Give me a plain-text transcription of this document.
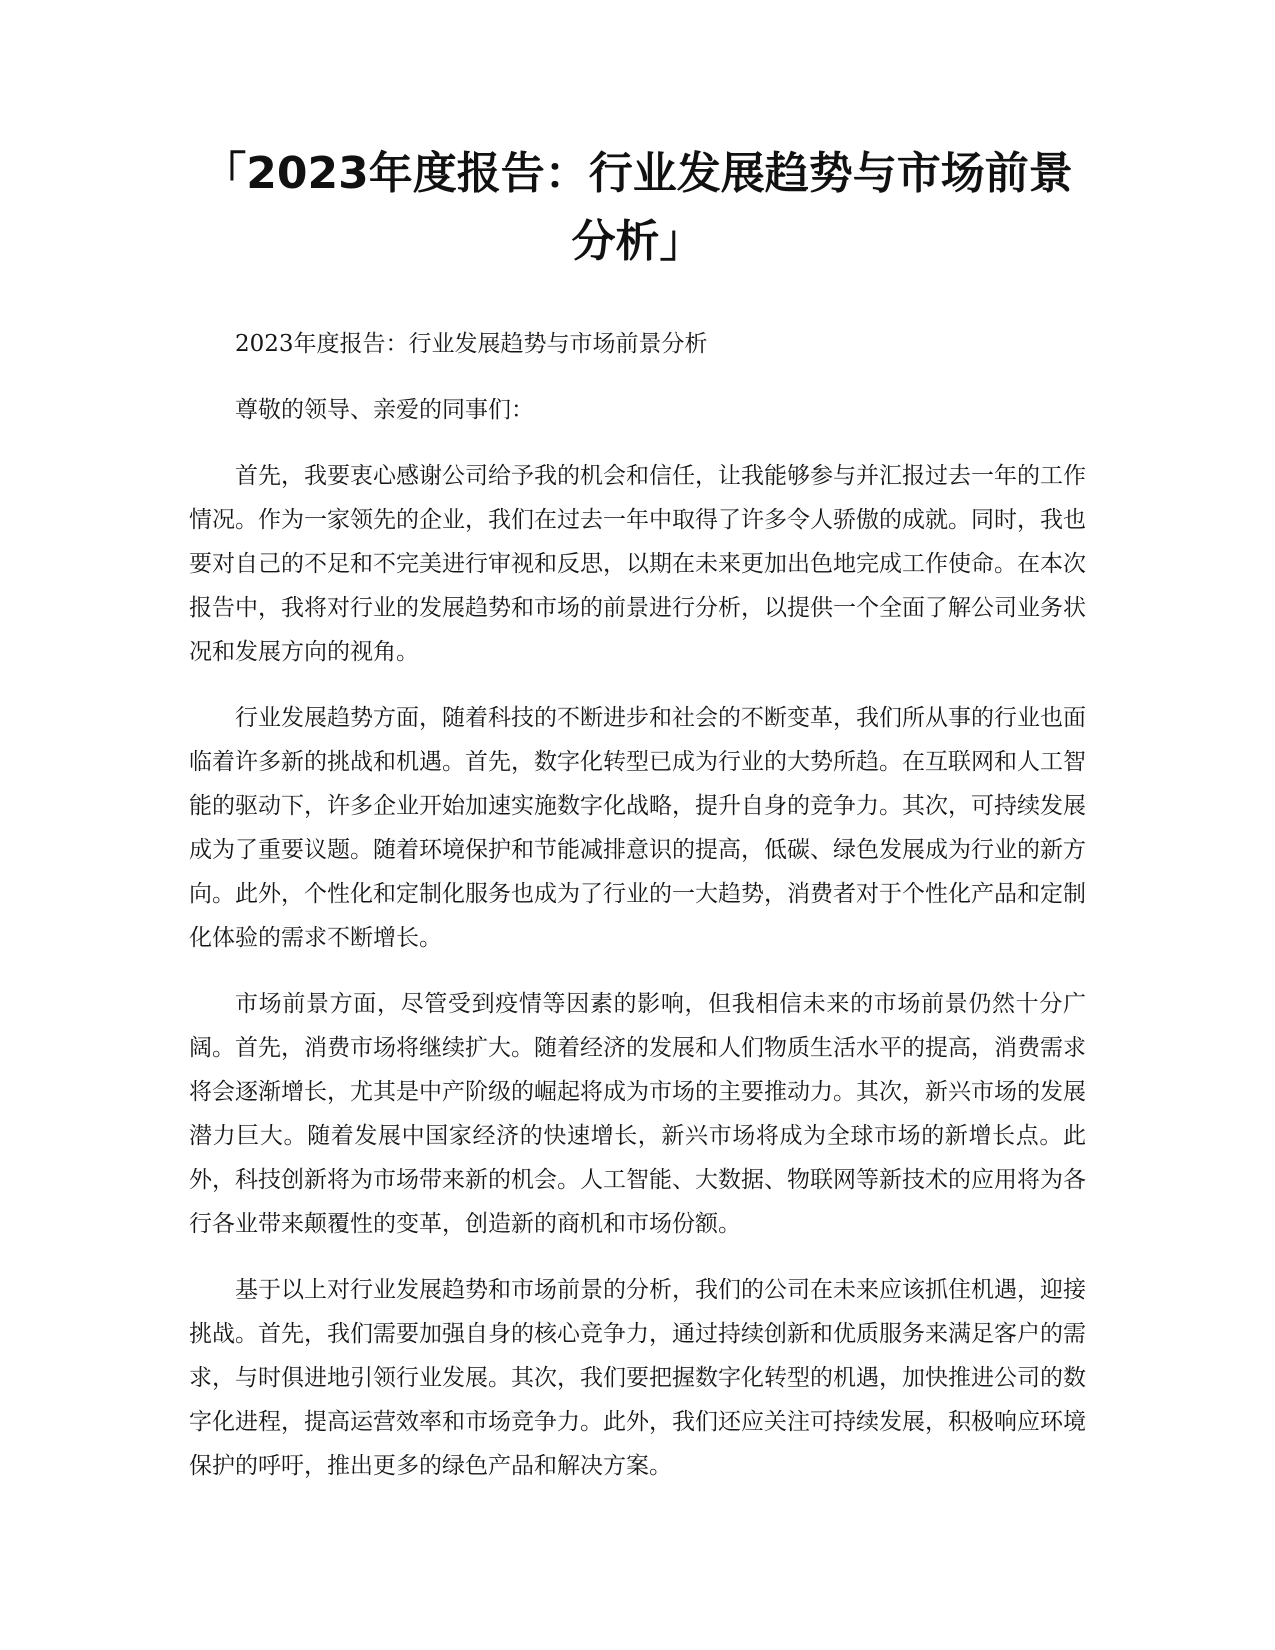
「2023年度报告：行业发展趋势与市场前景分析」

2023年度报告：行业发展趋势与市场前景分析

尊敬的领导、亲爱的同事们：

首先，我要衷心感谢公司给予我的机会和信任，让我能够参与并汇报过去一年的工作情况。作为一家领先的企业，我们在过去一年中取得了许多令人骄傲的成就。同时，我也要对自己的不足和不完美进行审视和反思，以期在未来更加出色地完成工作使命。在本次报告中，我将对行业的发展趋势和市场的前景进行分析，以提供一个全面了解公司业务状况和发展方向的视角。

行业发展趋势方面，随着科技的不断进步和社会的不断变革，我们所从事的行业也面临着许多新的挑战和机遇。首先，数字化转型已成为行业的大势所趋。在互联网和人工智能的驱动下，许多企业开始加速实施数字化战略，提升自身的竞争力。其次，可持续发展成为了重要议题。随着环境保护和节能减排意识的提高，低碳、绿色发展成为行业的新方向。此外，个性化和定制化服务也成为了行业的一大趋势，消费者对于个性化产品和定制化体验的需求不断增长。

市场前景方面，尽管受到疫情等因素的影响，但我相信未来的市场前景仍然十分广阔。首先，消费市场将继续扩大。随着经济的发展和人们物质生活水平的提高，消费需求将会逐渐增长，尤其是中产阶级的崛起将成为市场的主要推动力。其次，新兴市场的发展潜力巨大。随着发展中国家经济的快速增长，新兴市场将成为全球市场的新增长点。此外，科技创新将为市场带来新的机会。人工智能、大数据、物联网等新技术的应用将为各行各业带来颠覆性的变革，创造新的商机和市场份额。

基于以上对行业发展趋势和市场前景的分析，我们的公司在未来应该抓住机遇，迎接挑战。首先，我们需要加强自身的核心竞争力，通过持续创新和优质服务来满足客户的需求，与时俱进地引领行业发展。其次，我们要把握数字化转型的机遇，加快推进公司的数字化进程，提高运营效率和市场竞争力。此外，我们还应关注可持续发展，积极响应环境保护的呼吁，推出更多的绿色产品和解决方案。
